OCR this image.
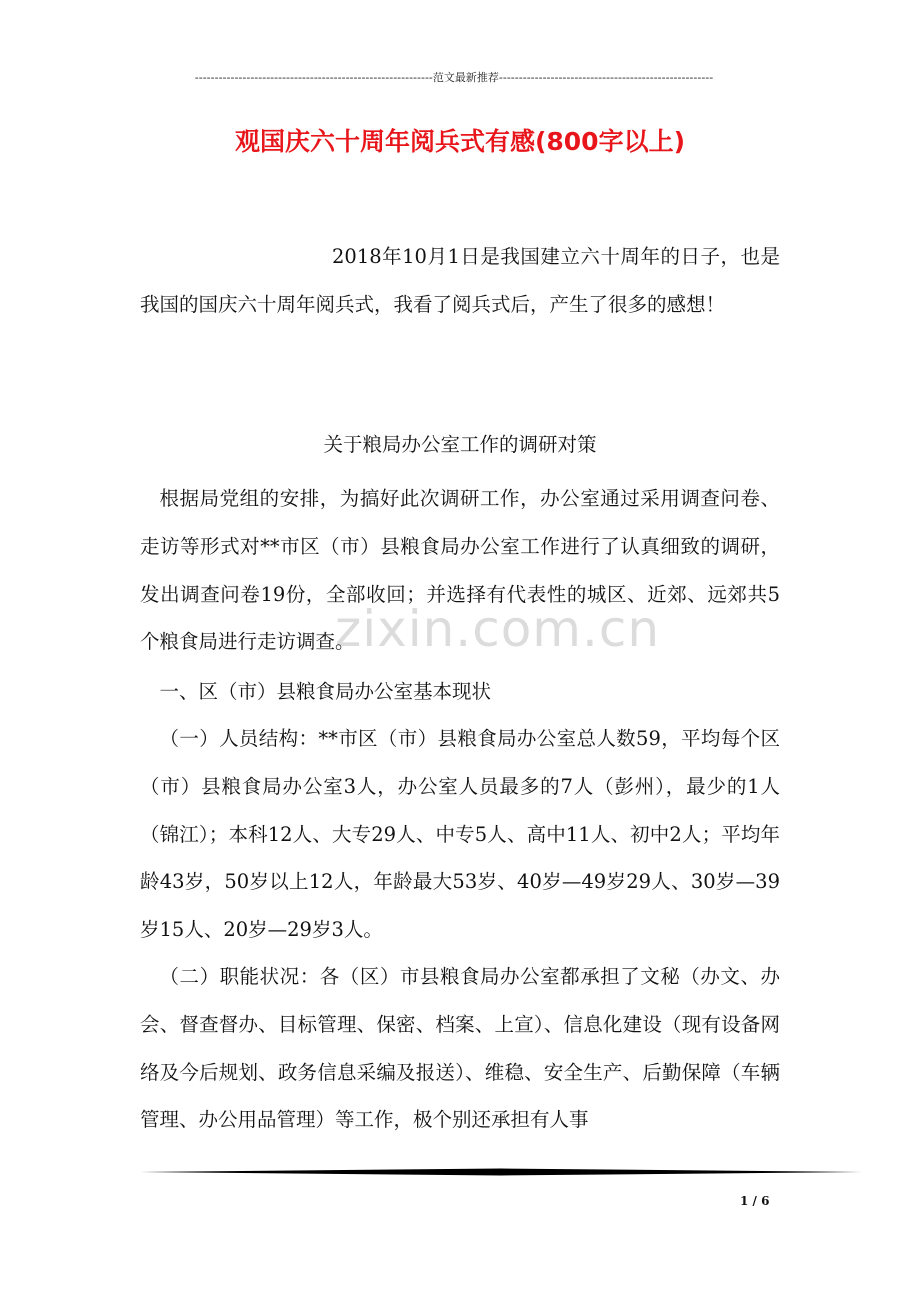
------------------------------------------------------------范文最新推荐------------------------------------------------------
观国庆六十周年阅兵式有感(800字以上)
2018年10月1日是我国建立六十周年的日子，也是我国的国庆六十周年阅兵式，我看了阅兵式后，产生了很多的感想！
关于粮局办公室工作的调研对策
zixin.com.cn
根据局党组的安排，为搞好此次调研工作，办公室通过采用调查问卷、走访等形式对**市区（市）县粮食局办公室工作进行了认真细致的调研，发出调查问卷19份，全部收回；并选择有代表性的城区、近郊、远郊共5个粮食局进行走访调查。
一、区（市）县粮食局办公室基本现状
（一）人员结构：**市区（市）县粮食局办公室总人数59，平均每个区（市）县粮食局办公室3人，办公室人员最多的7人（彭州），最少的1人（锦江）；本科12人、大专29人、中专5人、高中11人、初中2人；平均年龄43岁，50岁以上12人，年龄最大53岁、40岁—49岁29人、30岁—39岁15人、20岁—29岁3人。
（二）职能状况：各（区）市县粮食局办公室都承担了文秘（办文、办会、督查督办、目标管理、保密、档案、上宣）、信息化建设（现有设备网络及今后规划、政务信息采编及报送）、维稳、安全生产、后勤保障（车辆管理、办公用品管理）等工作，极个别还承担有人事
1 / 6
